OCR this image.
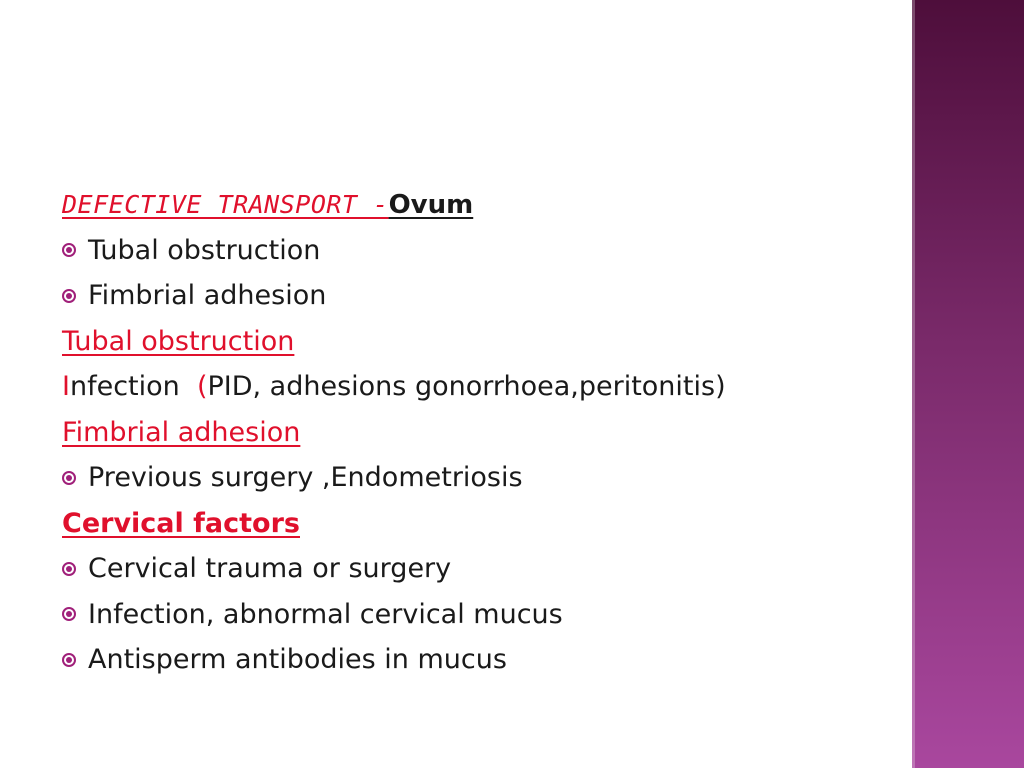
DEFECTIVE TRANSPORT -Ovum
Tubal obstruction
Fimbrial adhesion
Tubal obstruction
Infection  (PID, adhesions gonorrhoea,peritonitis)
Fimbrial adhesion
Previous surgery ,Endometriosis
Cervical factors
Cervical trauma or surgery
Infection, abnormal cervical mucus
Antisperm antibodies in mucus
